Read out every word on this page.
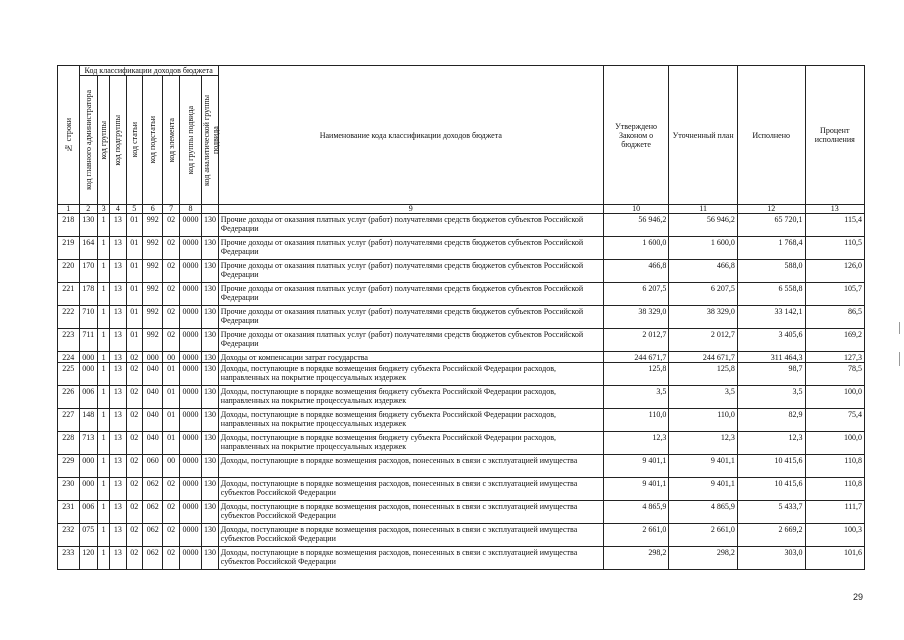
№ строки	Код классификации доходов бюджета								Наименование кода классификации доходов бюджета	Утверждено Законом о бюджете	Уточненный план	Исполнено	Процент исполнения

	код главного администратора	код группы	код подгруппы	код статьи	код подстатьи	код элемента	код группы подвида	код аналитической группы подвида					

1	2	3	4	5	6	7	8		9	10	11	12	13
218	130	1	13	01	992	02	0000	130	Прочие доходы от оказания платных услуг (работ) получателями средств бюджетов субъектов Российской Федерации	56 946,2	56 946,2	65 720,1	115,4
219	164	1	13	01	992	02	0000	130	Прочие доходы от оказания платных услуг (работ) получателями средств бюджетов субъектов Российской Федерации	1 600,0	1 600,0	1 768,4	110,5
220	170	1	13	01	992	02	0000	130	Прочие доходы от оказания платных услуг (работ) получателями средств бюджетов субъектов Российской Федерации	466,8	466,8	588,0	126,0
221	178	1	13	01	992	02	0000	130	Прочие доходы от оказания платных услуг (работ) получателями средств бюджетов субъектов Российской Федерации	6 207,5	6 207,5	6 558,8	105,7
222	710	1	13	01	992	02	0000	130	Прочие доходы от оказания платных услуг (работ) получателями средств бюджетов субъектов Российской Федерации	38 329,0	38 329,0	33 142,1	86,5
223	711	1	13	01	992	02	0000	130	Прочие доходы от оказания платных услуг (работ) получателями средств бюджетов субъектов Российской Федерации	2 012,7	2 012,7	3 405,6	169,2
224	000	1	13	02	000	00	0000	130	Доходы от компенсации затрат государства	244 671,7	244 671,7	311 464,3	127,3
225	000	1	13	02	040	01	0000	130	Доходы, поступающие в порядке возмещения бюджету субъекта Российской Федерации расходов, направленных на покрытие процессуальных издержек	125,8	125,8	98,7	78,5
226	006	1	13	02	040	01	0000	130	Доходы, поступающие в порядке возмещения бюджету субъекта Российской Федерации расходов, направленных на покрытие процессуальных издержек	3,5	3,5	3,5	100,0
227	148	1	13	02	040	01	0000	130	Доходы, поступающие в порядке возмещения бюджету субъекта Российской Федерации расходов, направленных на покрытие процессуальных издержек	110,0	110,0	82,9	75,4
228	713	1	13	02	040	01	0000	130	Доходы, поступающие в порядке возмещения бюджету субъекта Российской Федерации расходов, направленных на покрытие процессуальных издержек	12,3	12,3	12,3	100,0
229	000	1	13	02	060	00	0000	130	Доходы, поступающие в порядке возмещения расходов, понесенных в связи с эксплуатацией имущества	9 401,1	9 401,1	10 415,6	110,8
230	000	1	13	02	062	02	0000	130	Доходы, поступающие в порядке возмещения расходов, понесенных в связи с эксплуатацией имущества субъектов Российской Федерации	9 401,1	9 401,1	10 415,6	110,8
231	006	1	13	02	062	02	0000	130	Доходы, поступающие в порядке возмещения расходов, понесенных в связи с эксплуатацией имущества субъектов Российской Федерации	4 865,9	4 865,9	5 433,7	111,7
232	075	1	13	02	062	02	0000	130	Доходы, поступающие в порядке возмещения расходов, понесенных в связи с эксплуатацией имущества субъектов Российской Федерации	2 661,0	2 661,0	2 669,2	100,3
233	120	1	13	02	062	02	0000	130	Доходы, поступающие в порядке возмещения расходов, понесенных в связи с эксплуатацией имущества субъектов Российской Федерации	298,2	298,2	303,0	101,6
29
